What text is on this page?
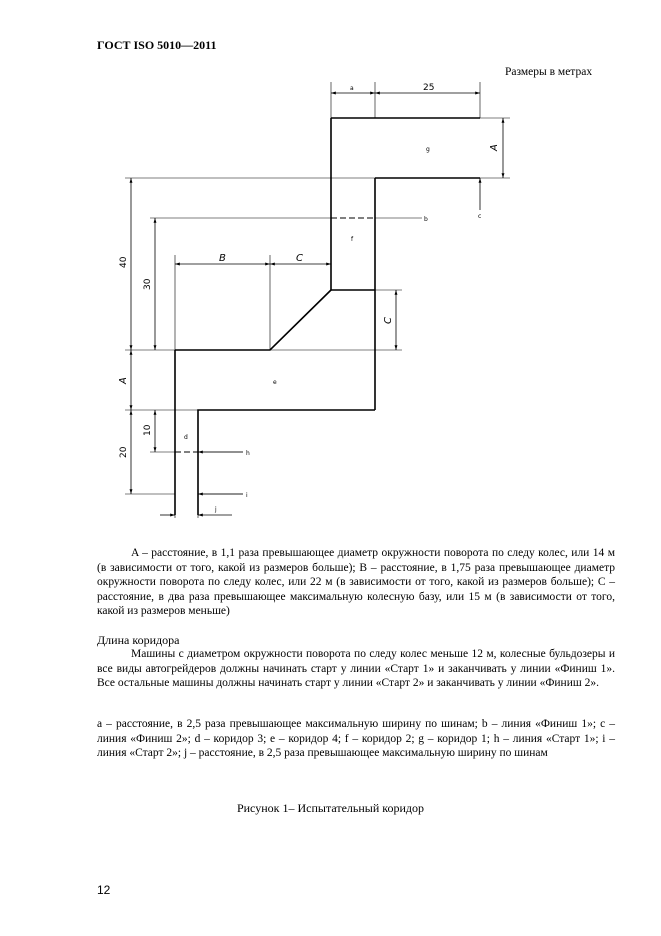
ГОСТ ISO 5010—2011
Размеры в метрах
a	25
A
40
30
B	C
C
A
20
10
j
g
f
e
d
b	c
h
i

A – расстояние, в 1,1 раза превышающее диаметр окружности поворота по следу колес, или 14 м (в зависимости от того, какой из размеров больше); B – расстояние, в 1,75 раза превышающее диаметр окружности поворота по следу колес, или 22 м (в зависимости от того, какой из размеров больше); C – расстояние, в два раза превышающее максимальную колесную базу, или 15 м (в зависимости от того, какой из размеров меньше)

Длина коридора

Машины с диаметром окружности поворота по следу колес меньше 12 м, колесные бульдозеры и все виды автогрейдеров должны начинать старт у линии «Старт 1» и заканчивать у линии «Финиш 1». Все остальные машины должны начинать старт у линии «Старт 2» и заканчивать у линии «Финиш 2».

a – расстояние, в 2,5 раза превышающее максимальную ширину по шинам; b – линия «Финиш 1»; c – линия «Финиш 2»; d – коридор 3; e – коридор 4; f – коридор 2; g – коридор 1; h – линия «Старт 1»; i – линия «Старт 2»; j – расстояние, в 2,5 раза превышающее максимальную ширину по шинам

Рисунок 1– Испытательный коридор
12
